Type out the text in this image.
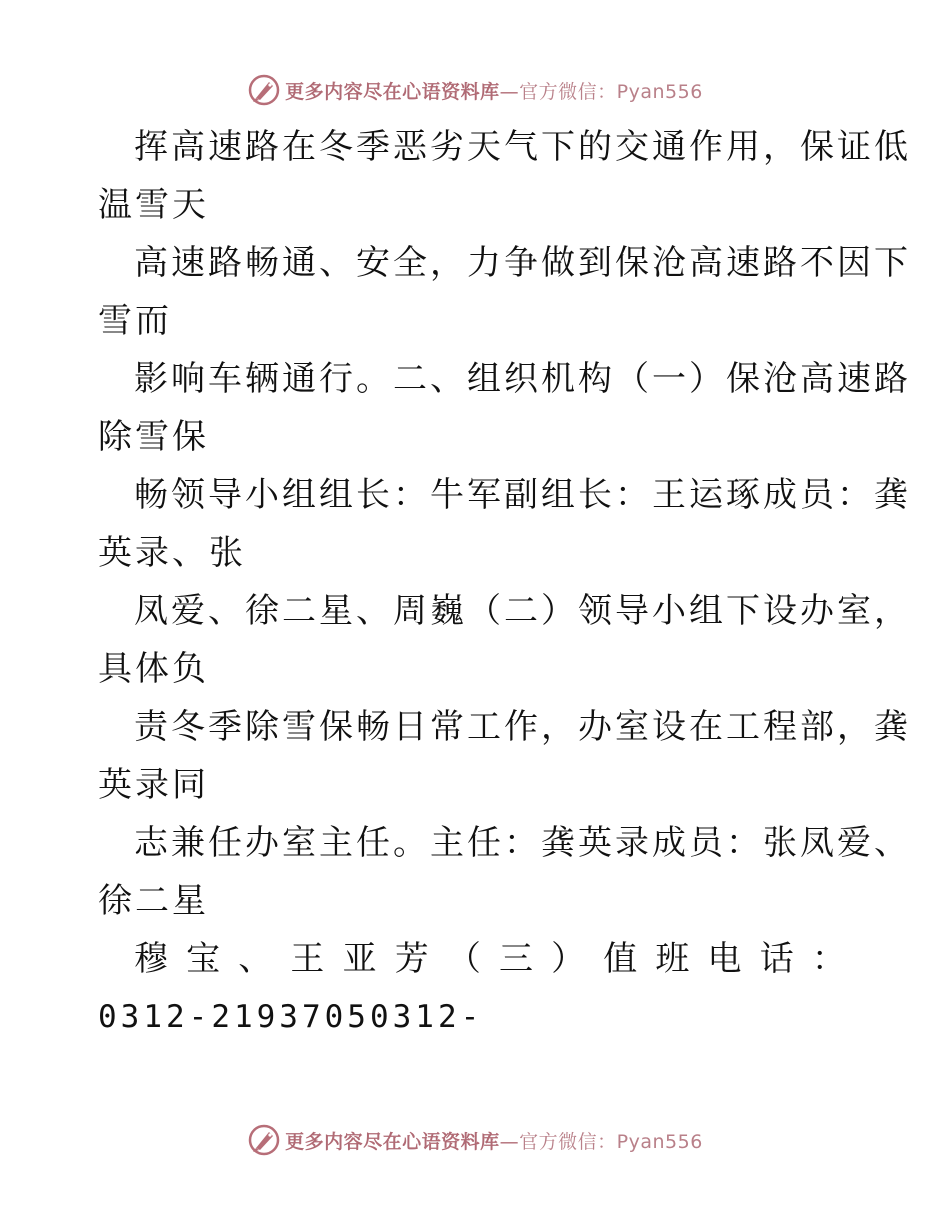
更多内容尽在心语资料库—官方微信：Pyan556
挥高速路在冬季恶劣天气下的交通作用，保证低
温雪天
高速路畅通、安全，力争做到保沧高速路不因下
雪而
影响车辆通行。二、组织机构（一）保沧高速路
除雪保
畅领导小组组长：牛军副组长：王运琢成员：龚
英录、张
凤爱、徐二星、周巍（二）领导小组下设办室，
具体负
责冬季除雪保畅日常工作，办室设在工程部，龚
英录同
志兼任办室主任。主任：龚英录成员：张凤爱、
徐二星
穆 宝 、 王 亚 芳 （ 三 ） 值 班 电 话 ：
0312-21937050312-
更多内容尽在心语资料库—官方微信：Pyan556
